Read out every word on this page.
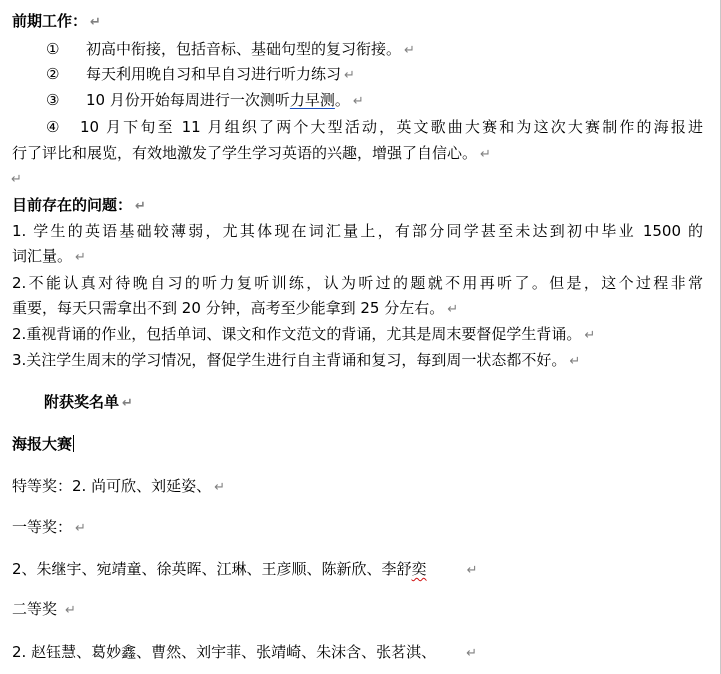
前期工作： ↵
① 初高中衔接，包括音标、基础句型的复习衔接。 ↵
② 每天利用晚自习和早自习进行听力练习 ↵
③ 10 月份开始每周进行一次测听力早测。 ↵
④ 10 月下旬至 11 月组织了两个大型活动，英文歌曲大赛和为这次大赛制作的海报进
行了评比和展览，有效地激发了学生学习英语的兴趣，增强了自信心。 ↵
↵
目前存在的问题： ↵
1. 学生的英语基础较薄弱，尤其体现在词汇量上，有部分同学甚至未达到初中毕业 1500 的
词汇量。 ↵
2.不能认真对待晚自习的听力复听训练，认为听过的题就不用再听了。但是，这个过程非常
重要，每天只需拿出不到 20 分钟，高考至少能拿到 25 分左右。 ↵
2.重视背诵的作业，包括单词、课文和作文范文的背诵，尤其是周末要督促学生背诵。 ↵
3.关注学生周末的学习情况，督促学生进行自主背诵和复习，每到周一状态都不好。 ↵
附获奖名单 ↵
海报大赛
特等奖：2. 尚可欣、刘延姿、 ↵
一等奖： ↵
2、朱继宇、宛靖童、徐英晖、江琳、王彦顺、陈新欣、李舒奕	↵
二等奖 ↵
2. 赵钰慧、葛妙鑫、曹然、刘宇菲、张靖崎、朱沫含、张茗淇、 ↵
